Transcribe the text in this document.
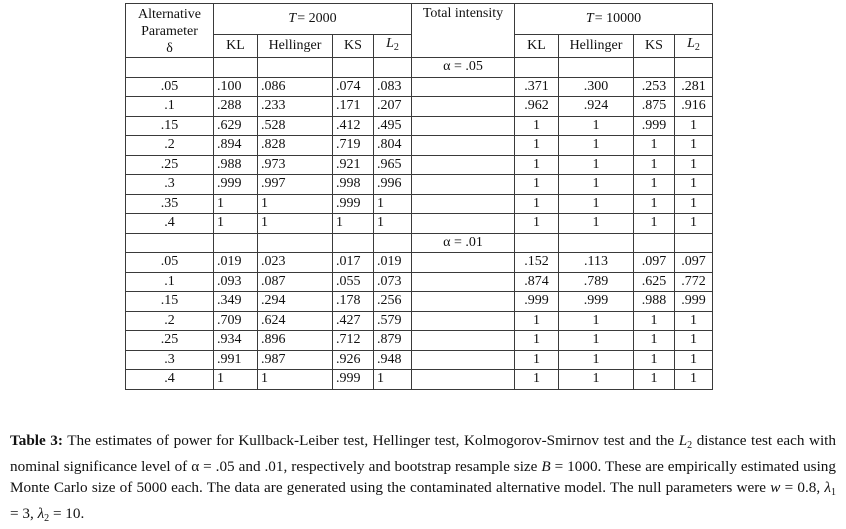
Alternative
Parameter
δ	T = 2000				Total intensity	T = 10000			

	KL	Hellinger	KS	$L_2$		KL	Hellinger	KS	$L_2$
					α = .05				
.05	.100	.086	.074	.083		.371	.300	.253	.281
.1	.288	.233	.171	.207		.962	.924	.875	.916
.15	.629	.528	.412	.495		1	1	.999	1
.2	.894	.828	.719	.804		1	1	1	1
.25	.988	.973	.921	.965		1	1	1	1
.3	.999	.997	.998	.996		1	1	1	1
.35	1	1	.999	1		1	1	1	1
.4	1	1	1	1		1	1	1	1
					α = .01				
.05	.019	.023	.017	.019		.152	.113	.097	.097
.1	.093	.087	.055	.073		.874	.789	.625	.772
.15	.349	.294	.178	.256		.999	.999	.988	.999
.2	.709	.624	.427	.579		1	1	1	1
.25	.934	.896	.712	.879		1	1	1	1
.3	.991	.987	.926	.948		1	1	1	1
.4	1	1	.999	1		1	1	1	1
Table 3: The estimates of power for Kullback-Leiber test, Hellinger test, Kolmogorov-Smirnov test and the $L_2$ distance test each with nominal significance level of α = .05 and .01, respectively and bootstrap resample size B = 1000. These are empirically estimated using Monte Carlo size of 5000 each. The data are generated using the contaminated alternative model. The null parameters were w = 0.8, $\lambda_1 = 3$, $\lambda_2 = 10$.
